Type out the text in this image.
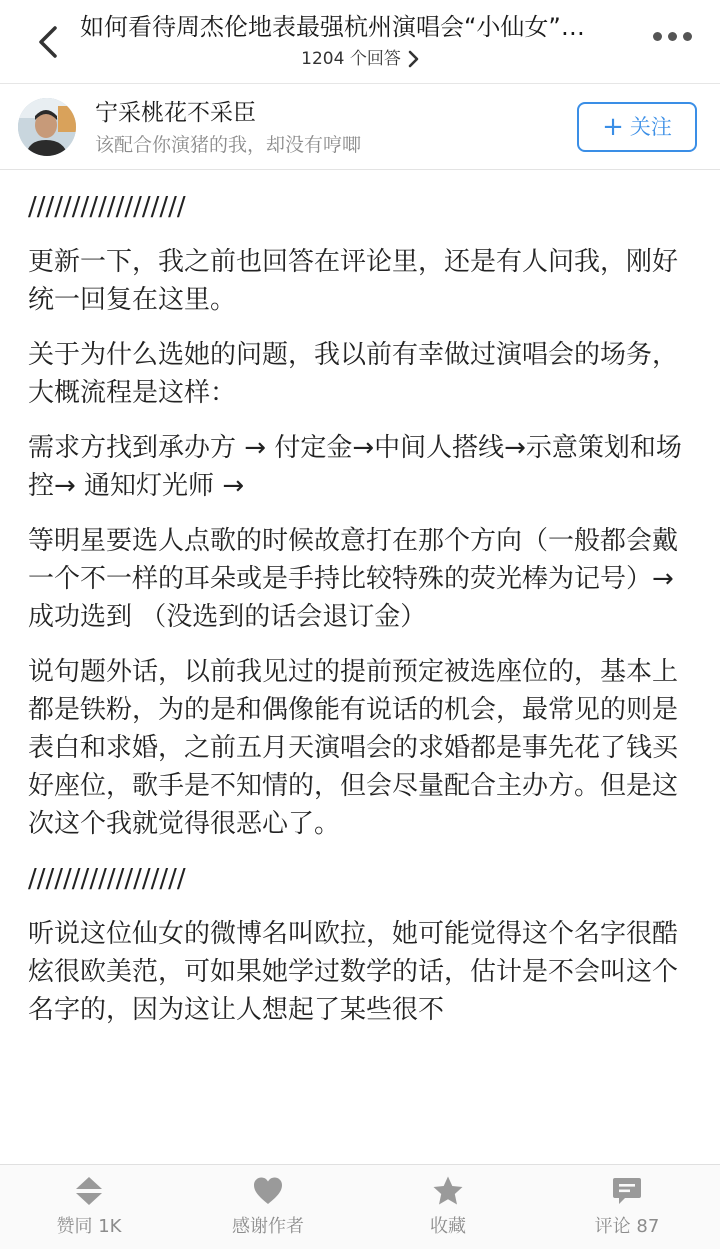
如何看待周杰伦地表最强杭州演唱会“小仙女”…
1204 个回答
宁采桃花不采臣
该配合你演猪的我，却没有哼唧
+ 关注

//////////////////

更新一下，我之前也回答在评论里，还是有人问我，刚好统一回复在这里。

关于为什么选她的问题，我以前有幸做过演唱会的场务，大概流程是这样：

需求方找到承办方 → 付定金→中间人搭线→示意策划和场控→ 通知灯光师 →

等明星要选人点歌的时候故意打在那个方向（一般都会戴一个不一样的耳朵或是手持比较特殊的荧光棒为记号）→ 成功选到 （没选到的话会退订金）

说句题外话，以前我见过的提前预定被选座位的，基本上都是铁粉，为的是和偶像能有说话的机会，最常见的则是表白和求婚，之前五月天演唱会的求婚都是事先花了钱买好座位，歌手是不知情的，但会尽量配合主办方。但是这次这个我就觉得很恶心了。

//////////////////

听说这位仙女的微博名叫欧拉，她可能觉得这个名字很酷炫很欧美范，可如果她学过数学的话，估计是不会叫这个名字的，因为这让人想起了某些很不

赞同 1K	感谢作者	收藏	评论 87
